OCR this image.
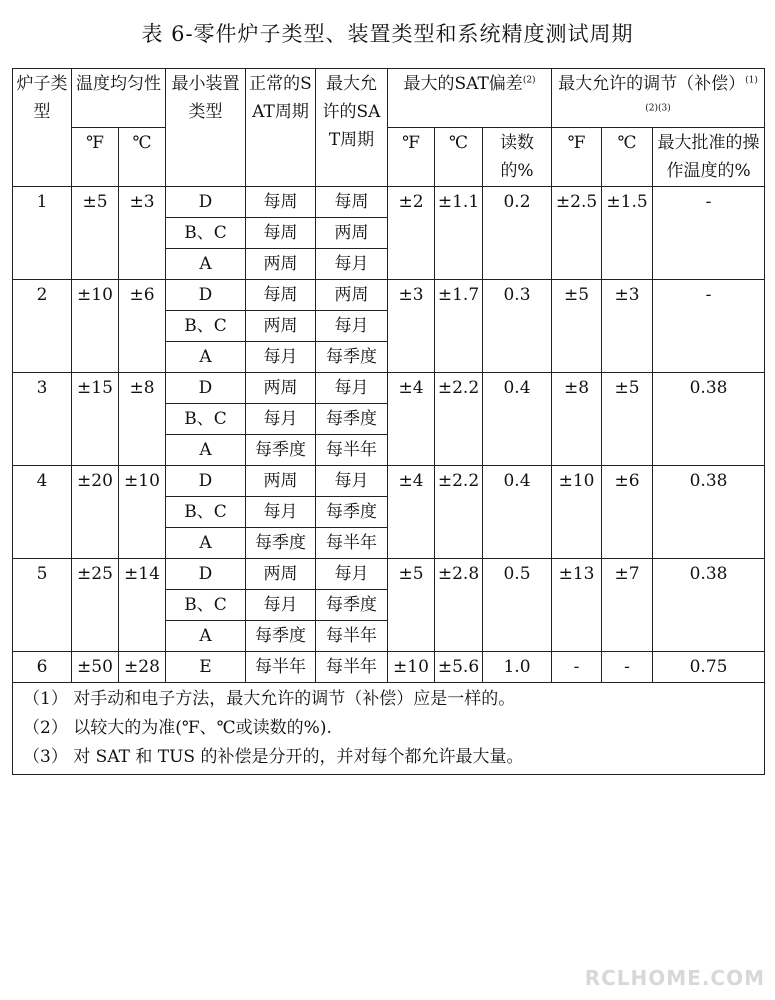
表 6-零件炉子类型、装置类型和系统精度测试周期
炉子类型	温度均匀性		最小装置类型	正常的SAT周期	最大允许的SAT周期	最大的SAT偏差$^{(2)}$			最大允许的调节（补偿）$^{(1)(2)(3)}$
	℉	℃				℉	℃	读数的%	℉	℃	最大批准的操作温度的%
1	±5	±3	D	每周	每周	±2	±1.1	0.2	±2.5	±1.5	-
			B、C	每周	两周						
			A	两周	每月						
2	±10	±6	D	每周	两周	±3	±1.7	0.3	±5	±3	-
			B、C	两周	每月						
			A	每月	每季度						
3	±15	±8	D	两周	每月	±4	±2.2	0.4	±8	±5	0.38
			B、C	每月	每季度						
			A	每季度	每半年						
4	±20	±10	D	两周	每月	±4	±2.2	0.4	±10	±6	0.38
			B、C	每月	每季度						
			A	每季度	每半年						
5	±25	±14	D	两周	每月	±5	±2.8	0.5	±13	±7	0.38
			B、C	每月	每季度						
			A	每季度	每半年						
6	±50	±28	E	每半年	每半年	±10	±5.6	1.0	-	-	0.75

（1） 对手动和电子方法，最大允许的调节（补偿）应是一样的。
（2） 以较大的为准(℉、℃或读数的%).
（3） 对 SAT 和 TUS 的补偿是分开的，并对每个都允许最大量。											
RCLHOME.COM
